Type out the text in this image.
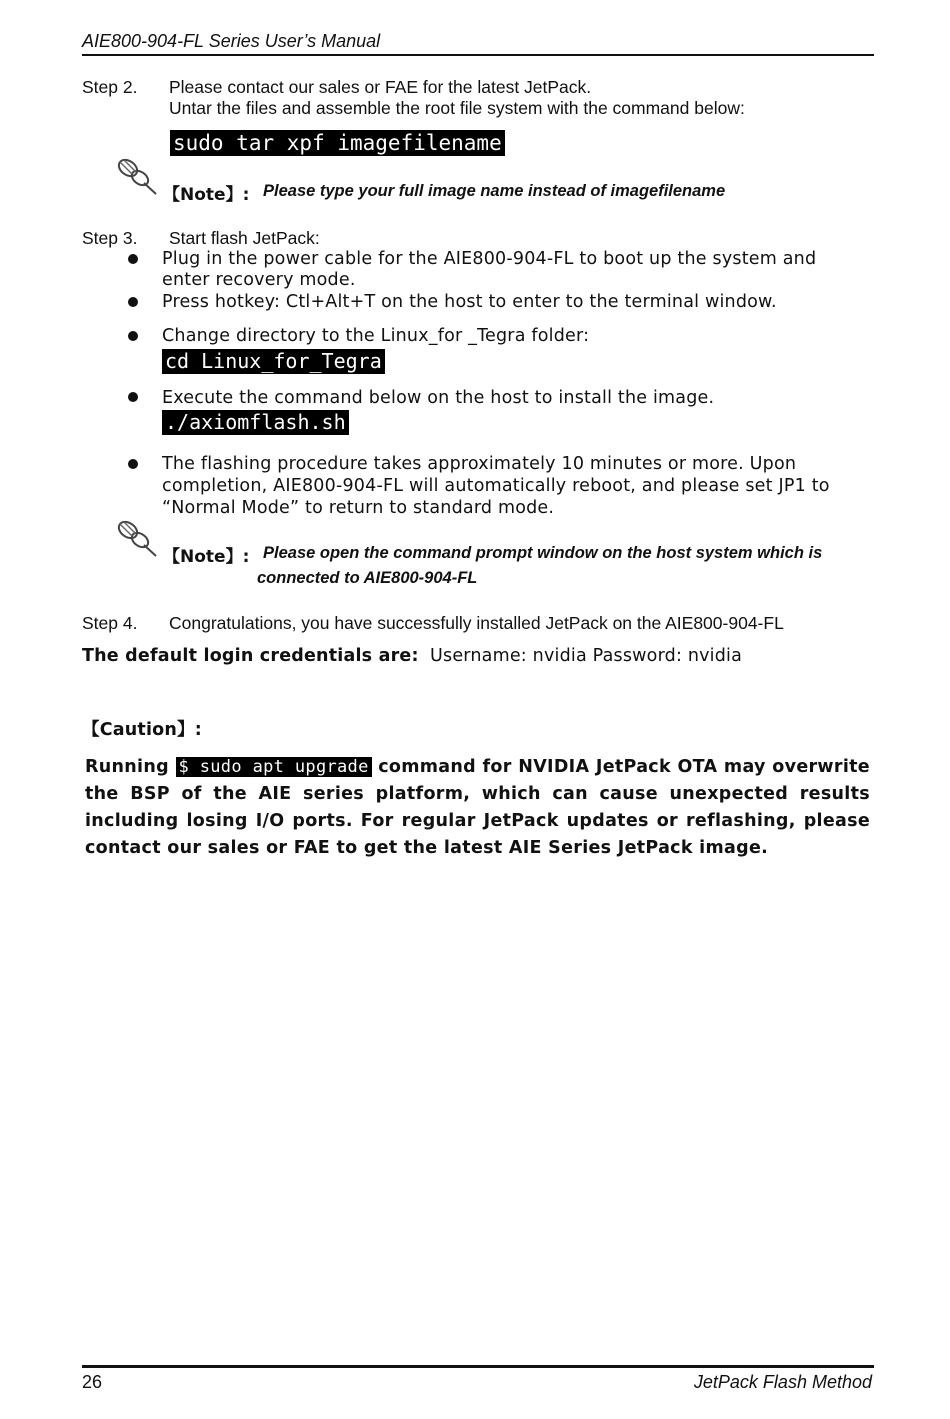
AIE800-904-FL Series User’s Manual
Step 2. Please contact our sales or FAE for the latest JetPack.
Untar the files and assemble the root file system with the command below:
sudo tar xpf imagefilename
【Note】: Please type your full image name instead of imagefilename
Step 3. Start flash JetPack:
Plug in the power cable for the AIE800-904-FL to boot up the system and
enter recovery mode.
Press hotkey: Ctl+Alt+T on the host to enter to the terminal window.
Change directory to the Linux_for _Tegra folder:
cd Linux_for_Tegra
Execute the command below on the host to install the image.
./axiomflash.sh
The flashing procedure takes approximately 10 minutes or more. Upon
completion, AIE800-904-FL will automatically reboot, and please set JP1 to
“Normal Mode” to return to standard mode.
【Note】: Please open the command prompt window on the host system which is
connected to AIE800-904-FL
Step 4. Congratulations, you have successfully installed JetPack on the AIE800-904-FL
The default login credentials are: Username: nvidia Password: nvidia
【Caution】:
Running $ sudo apt upgrade command for NVIDIA JetPack OTA may overwrite the BSP of the AIE series platform, which can cause unexpected results including losing I/O ports. For regular JetPack updates or reflashing, please contact our sales or FAE to get the latest AIE Series JetPack image.
26	JetPack Flash Method
